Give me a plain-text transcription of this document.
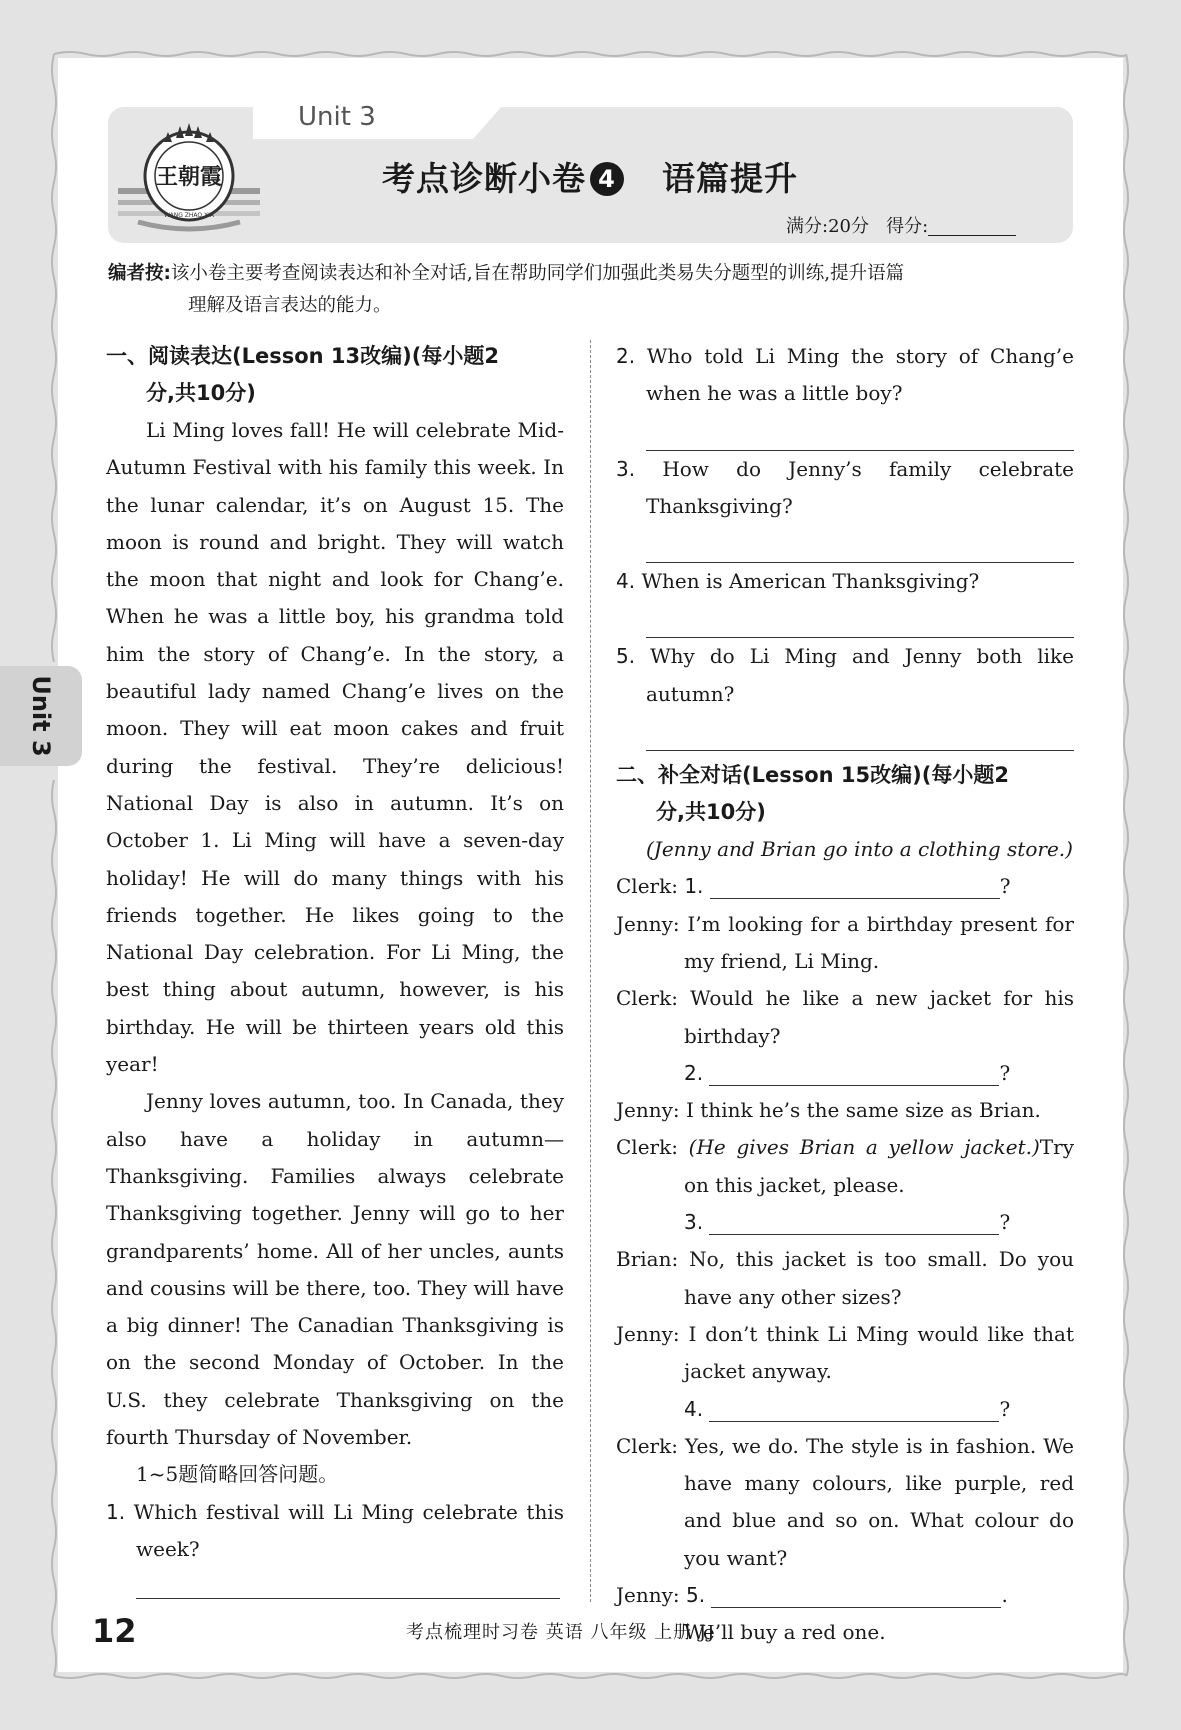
Unit 3
王朝霞
WANG ZHAO XIA
考点诊断小卷 4 语篇提升
满分:20分 得分:
编者按:该小卷主要考查阅读表达和补全对话,旨在帮助同学们加强此类易失分题型的训练,提升语篇
理解及语言表达的能力。
一、阅读表达(Lesson 13改编)(每小题2
分,共10分)

Li Ming loves fall! He will celebrate Mid-Autumn Festival with his family this week. In the lunar calendar, it’s on August 15. The moon is round and bright. They will watch the moon that night and look for Chang’e. When he was a little boy, his grandma told him the story of Chang’e. In the story, a beautiful lady named Chang’e lives on the moon. They will eat moon cakes and fruit during the festival. They’re delicious! National Day is also in autumn. It’s on October 1. Li Ming will have a seven-day holiday! He will do many things with his friends together. He likes going to the National Day celebration. For Li Ming, the best thing about autumn, however, is his birthday. He will be thirteen years old this year!

Jenny loves autumn, too. In Canada, they also have a holiday in autumn—Thanksgiving. Families always celebrate Thanksgiving together. Jenny will go to her grandparents’ home. All of her uncles, aunts and cousins will be there, too. They will have a big dinner! The Canadian Thanksgiving is on the second Monday of October. In the U.S. they celebrate Thanksgiving on the fourth Thursday of November.

1~5题简略回答问题。
1. Which festival will Li Ming celebrate this week?
2. Who told Li Ming the story of Chang’e when he was a little boy?
3. How do Jenny’s family celebrate Thanksgiving?
4. When is American Thanksgiving?
5. Why do Li Ming and Jenny both like autumn?
二、补全对话(Lesson 15改编)(每小题2
分,共10分)
(Jenny and Brian go into a clothing store.)
Clerk: 1.	?
Jenny: I’m looking for a birthday present for my friend, Li Ming.
Clerk: Would he like a new jacket for his birthday?
2.	?
Jenny: I think he’s the same size as Brian.
Clerk: (He gives Brian a yellow jacket.)Try on this jacket, please.
3.	?
Brian: No, this jacket is too small. Do you have any other sizes?
Jenny: I don’t think Li Ming would like that jacket anyway.
4.	?
Clerk: Yes, we do. The style is in fashion. We have many colours, like purple, red and blue and so on. What colour do you want?
Jenny: 5.	.
We’ll buy a red one.
Unit 3
12	考点梳理时习卷 英语 八年级 上册 JJ
